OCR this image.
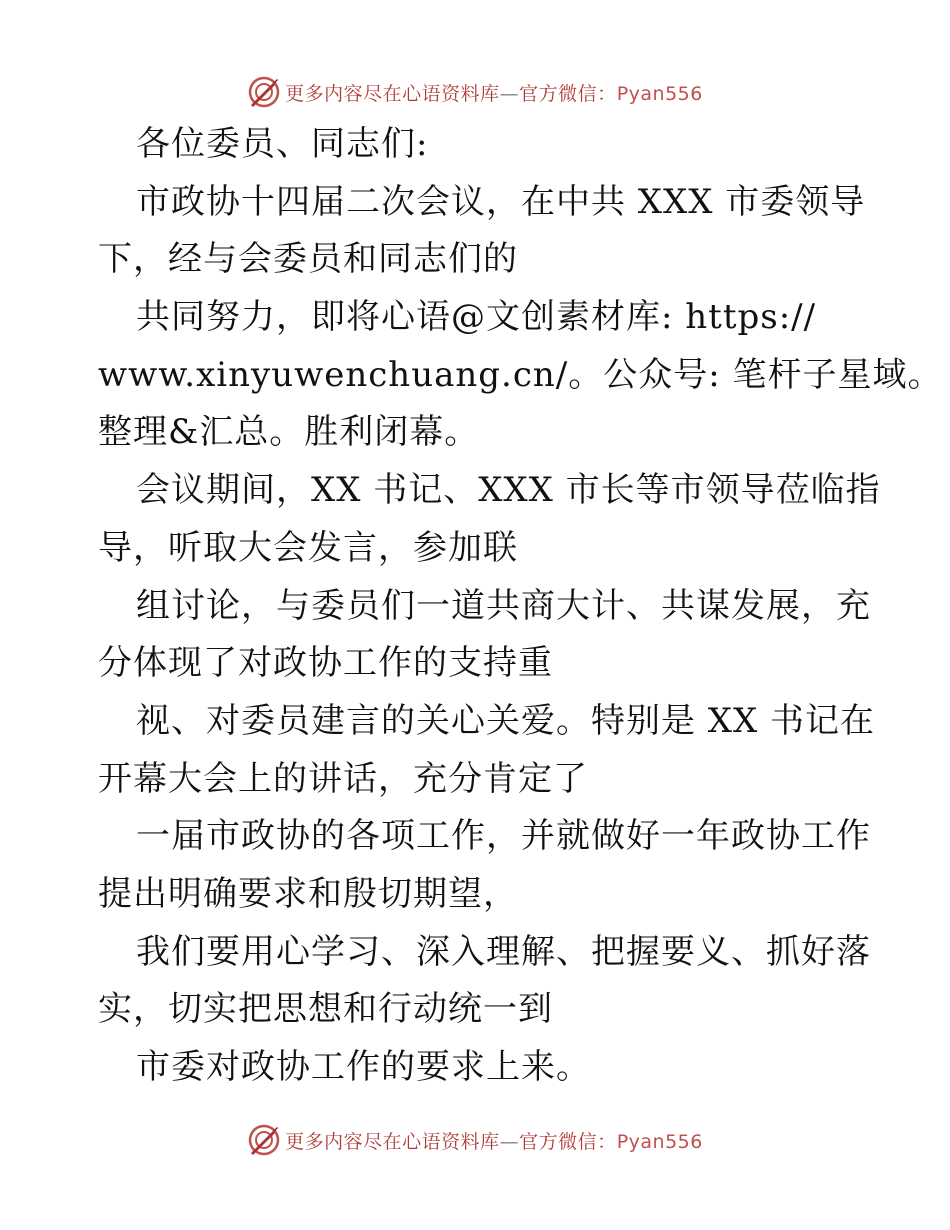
更多内容尽在心语资料库—官方微信：Pyan556
各位委员、同志们:
市政协十四届二次会议，在中共 XXX 市委领导
下，经与会委员和同志们的
共同努力，即将心语@文创素材库: https://
www.xinyuwenchuang.cn/。公众号: 笔杆子星域。
整理&汇总。胜利闭幕。
会议期间，XX 书记、XXX 市长等市领导莅临指
导，听取大会发言，参加联
组讨论，与委员们一道共商大计、共谋发展，充
分体现了对政协工作的支持重
视、对委员建言的关心关爱。特别是 XX 书记在
开幕大会上的讲话，充分肯定了
一届市政协的各项工作，并就做好一年政协工作
提出明确要求和殷切期望，
我们要用心学习、深入理解、把握要义、抓好落
实，切实把思想和行动统一到
市委对政协工作的要求上来。
更多内容尽在心语资料库—官方微信：Pyan556
